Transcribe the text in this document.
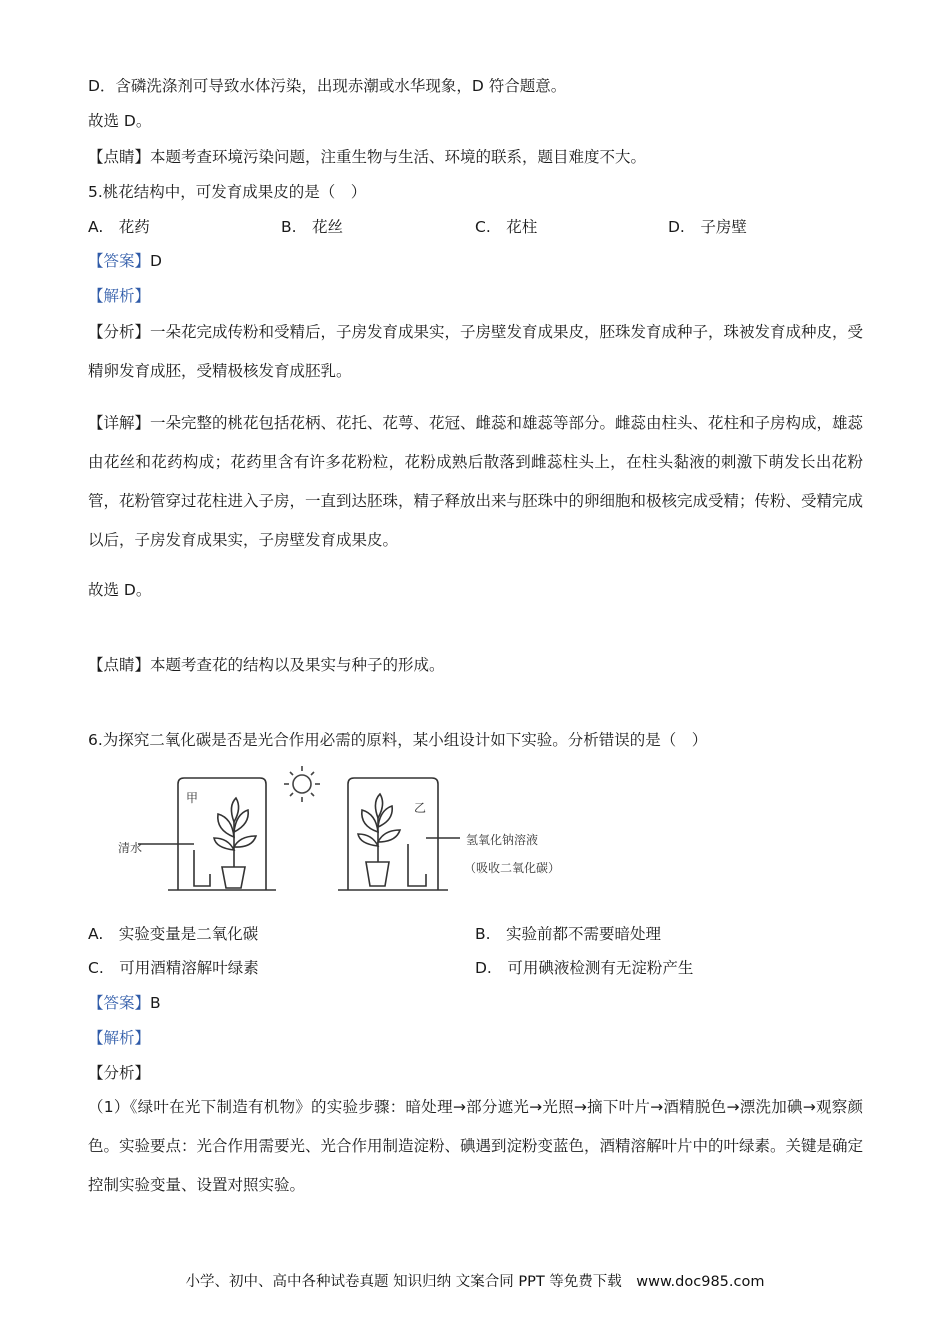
D．含磷洗涤剂可导致水体污染，出现赤潮或水华现象，D 符合题意。
故选 D。
【点睛】本题考查环境污染问题，注重生物与生活、环境的联系，题目难度不大。
5.桃花结构中，可发育成果皮的是（　）
A.　花药	B.　花丝	C.　花柱	D.　子房壁
【答案】D
【解析】
【分析】一朵花完成传粉和受精后，子房发育成果实，子房壁发育成果皮，胚珠发育成种子，珠被发育成种皮，受精卵发育成胚，受精极核发育成胚乳。
【详解】一朵完整的桃花包括花柄、花托、花萼、花冠、雌蕊和雄蕊等部分。雌蕊由柱头、花柱和子房构成，雄蕊由花丝和花药构成；花药里含有许多花粉粒，花粉成熟后散落到雌蕊柱头上，在柱头黏液的刺激下萌发长出花粉管，花粉管穿过花柱进入子房，一直到达胚珠，精子释放出来与胚珠中的卵细胞和极核完成受精；传粉、受精完成以后，子房发育成果实，子房壁发育成果皮。
故选 D。
【点睛】本题考查花的结构以及果实与种子的形成。
6.为探究二氧化碳是否是光合作用必需的原料，某小组设计如下实验。分析错误的是（　）
甲
清水
乙
氢氧化钠溶液
（吸收二氧化碳）
A.　实验变量是二氧化碳	B.　实验前都不需要暗处理
C.　可用酒精溶解叶绿素	D.　可用碘液检测有无淀粉产生
【答案】B
【解析】
【分析】
（1）《绿叶在光下制造有机物》的实验步骤：暗处理→部分遮光→光照→摘下叶片→酒精脱色→漂洗加碘→观察颜色。实验要点：光合作用需要光、光合作用制造淀粉、碘遇到淀粉变蓝色，酒精溶解叶片中的叶绿素。关键是确定控制实验变量、设置对照实验。
小学、初中、高中各种试卷真题 知识归纳 文案合同 PPT 等免费下载　www.doc985.com
